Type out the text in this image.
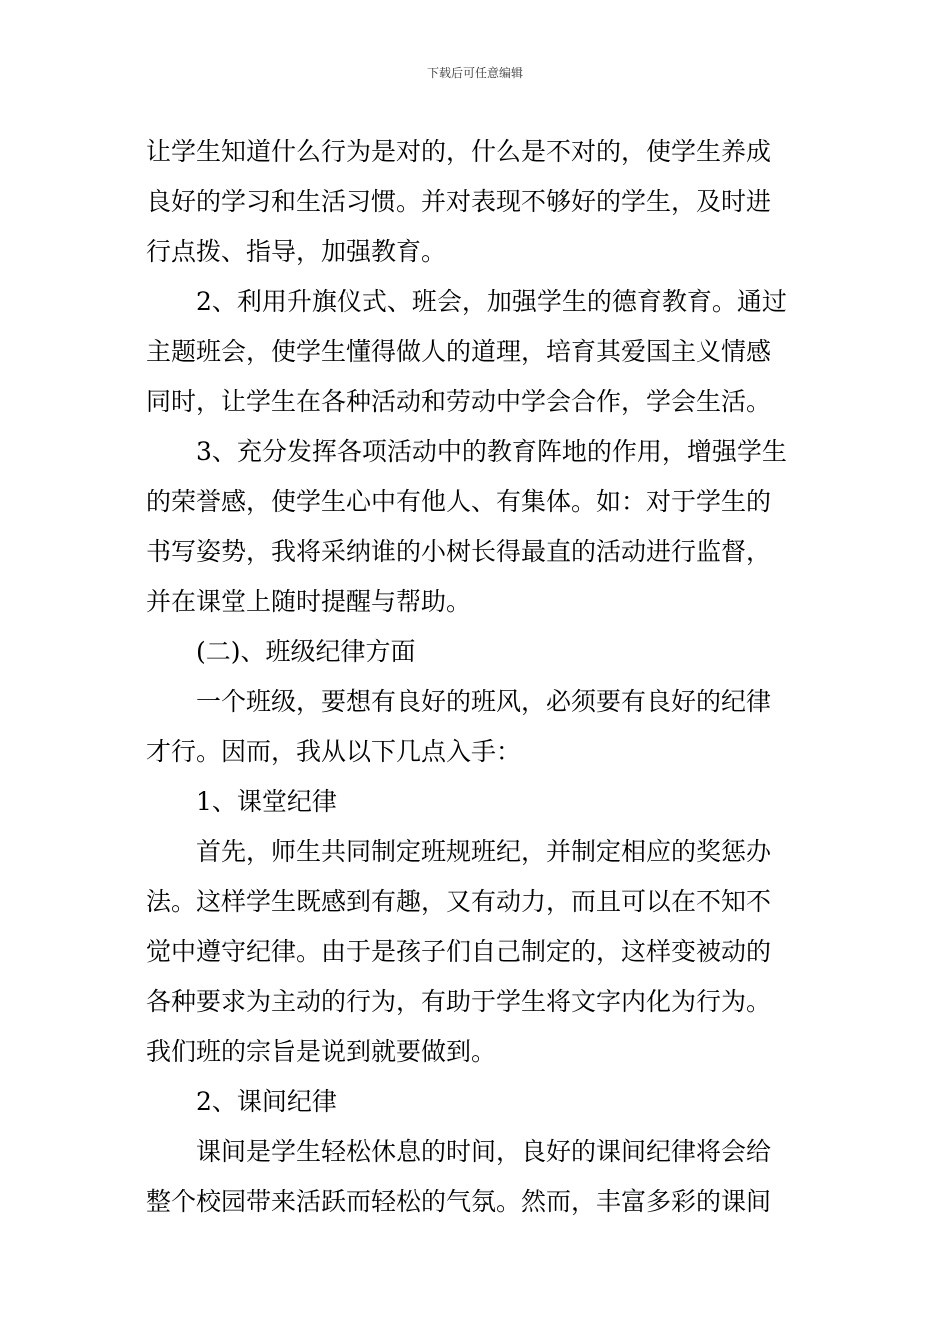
下载后可任意编辑
让学生知道什么行为是对的，什么是不对的，使学生养成
良好的学习和生活习惯。并对表现不够好的学生，及时进
行点拨、指导，加强教育。
2、利用升旗仪式、班会，加强学生的德育教育。通过
主题班会，使学生懂得做人的道理，培育其爱国主义情感
同时，让学生在各种活动和劳动中学会合作，学会生活。
3、充分发挥各项活动中的教育阵地的作用，增强学生
的荣誉感，使学生心中有他人、有集体。如：对于学生的
书写姿势，我将采纳谁的小树长得最直的活动进行监督，
并在课堂上随时提醒与帮助。
(二)、班级纪律方面
一个班级，要想有良好的班风，必须要有良好的纪律
才行。因而，我从以下几点入手：
1、课堂纪律
首先，师生共同制定班规班纪，并制定相应的奖惩办
法。这样学生既感到有趣，又有动力，而且可以在不知不
觉中遵守纪律。由于是孩子们自己制定的，这样变被动的
各种要求为主动的行为，有助于学生将文字内化为行为。
我们班的宗旨是说到就要做到。
2、课间纪律
课间是学生轻松休息的时间，良好的课间纪律将会给
整个校园带来活跃而轻松的气氛。然而，丰富多彩的课间
